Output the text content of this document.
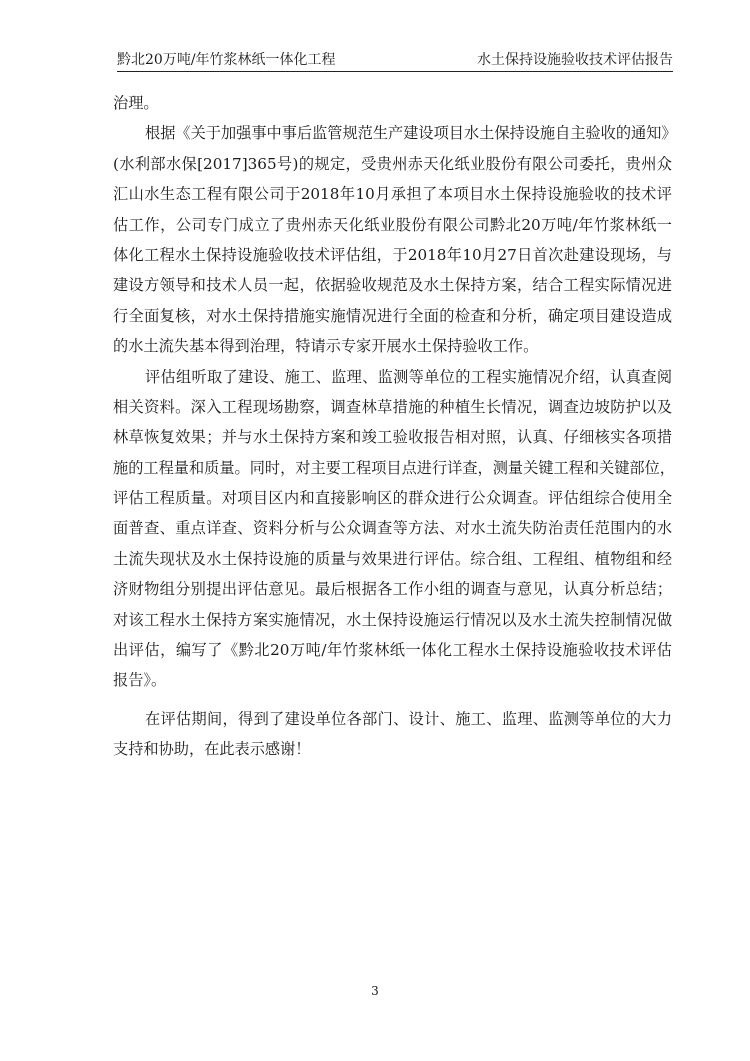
黔北20万吨/年竹浆林纸一体化工程	水土保持设施验收技术评估报告
治理。
根据《关于加强事中事后监管规范生产建设项目水土保持设施自主验收的通知》
(水利部水保[2017]365号)的规定，受贵州赤天化纸业股份有限公司委托，贵州众
汇山水生态工程有限公司于2018年10月承担了本项目水土保持设施验收的技术评
估工作，公司专门成立了贵州赤天化纸业股份有限公司黔北20万吨/年竹浆林纸一
体化工程水土保持设施验收技术评估组，于2018年10月27日首次赴建设现场，与
建设方领导和技术人员一起，依据验收规范及水土保持方案，结合工程实际情况进
行全面复核，对水土保持措施实施情况进行全面的检查和分析，确定项目建设造成
的水土流失基本得到治理，特请示专家开展水土保持验收工作。
评估组听取了建设、施工、监理、监测等单位的工程实施情况介绍，认真查阅
相关资料。深入工程现场勘察，调查林草措施的种植生长情况，调查边坡防护以及
林草恢复效果；并与水土保持方案和竣工验收报告相对照，认真、仔细核实各项措
施的工程量和质量。同时，对主要工程项目点进行详查，测量关键工程和关键部位，
评估工程质量。对项目区内和直接影响区的群众进行公众调查。评估组综合使用全
面普查、重点详查、资料分析与公众调查等方法、对水土流失防治责任范围内的水
土流失现状及水土保持设施的质量与效果进行评估。综合组、工程组、植物组和经
济财物组分别提出评估意见。最后根据各工作小组的调查与意见，认真分析总结；
对该工程水土保持方案实施情况，水土保持设施运行情况以及水土流失控制情况做
出评估，编写了《黔北20万吨/年竹浆林纸一体化工程水土保持设施验收技术评估
报告》。
在评估期间，得到了建设单位各部门、设计、施工、监理、监测等单位的大力
支持和协助，在此表示感谢！
3
